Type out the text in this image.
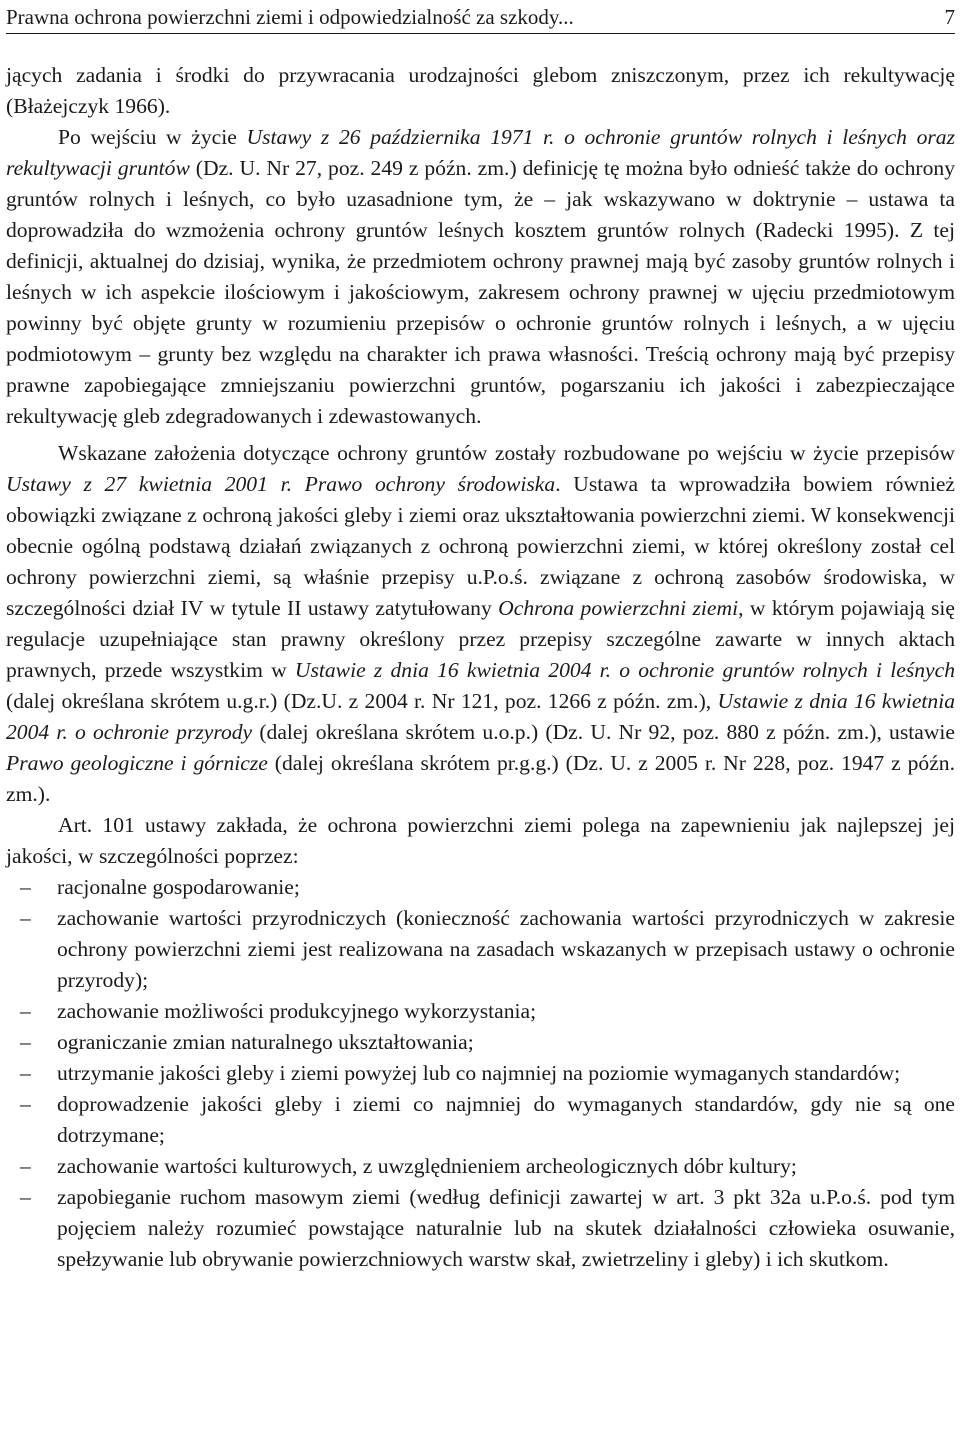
Prawna ochrona powierzchni ziemi i odpowiedzialność za szkody...	7

jących zadania i środki do przywracania urodzajności glebom zniszczonym, przez ich rekultywację (Błażejczyk 1966).

Po wejściu w życie Ustawy z 26 października 1971 r. o ochronie gruntów rolnych i leśnych oraz rekultywacji gruntów (Dz. U. Nr 27, poz. 249 z późn. zm.) definicję tę można było odnieść także do ochrony gruntów rolnych i leśnych, co było uzasadnione tym, że – jak wskazywano w doktrynie – ustawa ta doprowadziła do wzmożenia ochrony gruntów leśnych kosztem gruntów rolnych (Radecki 1995). Z tej definicji, aktualnej do dzisiaj, wynika, że przedmiotem ochrony prawnej mają być zasoby gruntów rolnych i leśnych w ich aspekcie ilościowym i jakościowym, zakresem ochrony prawnej w ujęciu przedmiotowym powinny być objęte grunty w rozumieniu przepisów o ochronie gruntów rolnych i leśnych, a w ujęciu podmiotowym – grunty bez względu na charakter ich prawa własności. Treścią ochrony mają być przepisy prawne zapobiegające zmniejszaniu powierzchni gruntów, pogarszaniu ich jakości i zabezpieczające rekultywację gleb zdegradowanych i zdewastowanych.

Wskazane założenia dotyczące ochrony gruntów zostały rozbudowane po wejściu w życie przepisów Ustawy z 27 kwietnia 2001 r. Prawo ochrony środowiska. Ustawa ta wprowadziła bowiem również obowiązki związane z ochroną jakości gleby i ziemi oraz ukształtowania powierzchni ziemi. W konsekwencji obecnie ogólną podstawą działań związanych z ochroną powierzchni ziemi, w której określony został cel ochrony powierzchni ziemi, są właśnie przepisy u.P.o.ś. związane z ochroną zasobów środowiska, w szczególności dział IV w tytule II ustawy zatytułowany Ochrona powierzchni ziemi, w którym pojawiają się regulacje uzupełniające stan prawny określony przez przepisy szczególne zawarte w innych aktach prawnych, przede wszystkim w Ustawie z dnia 16 kwietnia 2004 r. o ochronie gruntów rolnych i leśnych (dalej określana skrótem u.g.r.) (Dz.U. z 2004 r. Nr 121, poz. 1266 z późn. zm.), Ustawie z dnia 16 kwietnia 2004 r. o ochronie przyrody (dalej określana skrótem u.o.p.) (Dz. U. Nr 92, poz. 880 z późn. zm.), ustawie Prawo geologiczne i górnicze (dalej określana skrótem pr.g.g.) (Dz. U. z 2005 r. Nr 228, poz. 1947 z późn. zm.).

Art. 101 ustawy zakłada, że ochrona powierzchni ziemi polega na zapewnieniu jak najlepszej jej jakości, w szczególności poprzez:

– racjonalne gospodarowanie;
– zachowanie wartości przyrodniczych (konieczność zachowania wartości przyrodniczych w zakresie ochrony powierzchni ziemi jest realizowana na zasadach wskazanych w przepisach ustawy o ochronie przyrody);
– zachowanie możliwości produkcyjnego wykorzystania;
– ograniczanie zmian naturalnego ukształtowania;
– utrzymanie jakości gleby i ziemi powyżej lub co najmniej na poziomie wymaganych standardów;
– doprowadzenie jakości gleby i ziemi co najmniej do wymaganych standardów, gdy nie są one dotrzymane;
– zachowanie wartości kulturowych, z uwzględnieniem archeologicznych dóbr kultury;
– zapobieganie ruchom masowym ziemi (według definicji zawartej w art. 3 pkt 32a u.P.o.ś. pod tym pojęciem należy rozumieć powstające naturalnie lub na skutek działalności człowieka osuwanie, spełzywanie lub obrywanie powierzchniowych warstw skał, zwietrzeliny i gleby) i ich skutkom.
